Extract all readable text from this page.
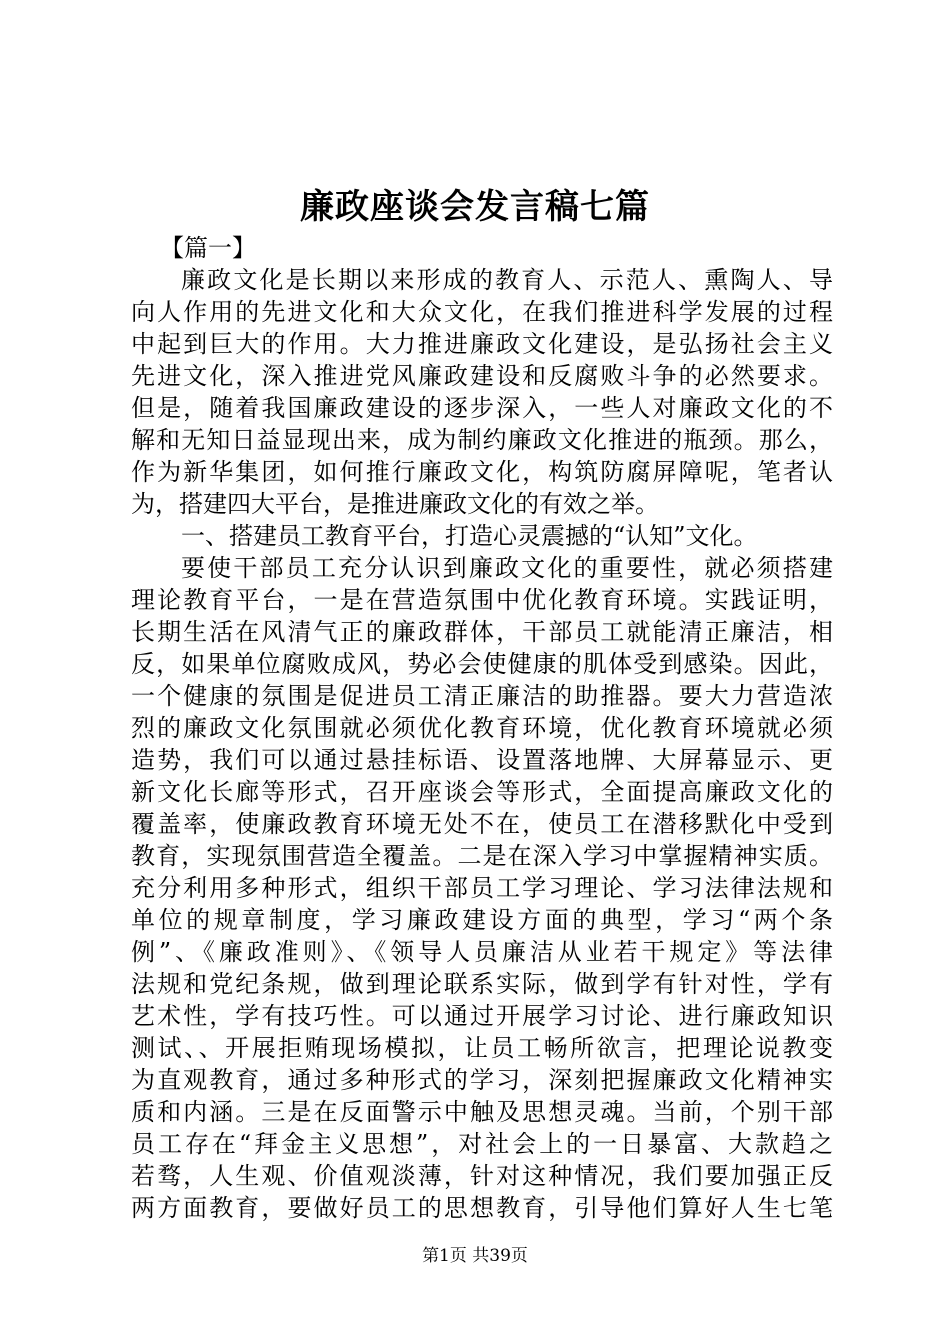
廉政座谈会发言稿七篇
【篇一】
廉政文化是长期以来形成的教育人、示范人、熏陶人、导
向人作用的先进文化和大众文化，在我们推进科学发展的过程
中起到巨大的作用。大力推进廉政文化建设，是弘扬社会主义
先进文化，深入推进党风廉政建设和反腐败斗争的必然要求。
但是，随着我国廉政建设的逐步深入，一些人对廉政文化的不
解和无知日益显现出来，成为制约廉政文化推进的瓶颈。那么，
作为新华集团，如何推行廉政文化，构筑防腐屏障呢，笔者认
为，搭建四大平台，是推进廉政文化的有效之举。
一、搭建员工教育平台，打造心灵震撼的“认知”文化。
要使干部员工充分认识到廉政文化的重要性，就必须搭建
理论教育平台，一是在营造氛围中优化教育环境。实践证明，
长期生活在风清气正的廉政群体，干部员工就能清正廉洁，相
反，如果单位腐败成风，势必会使健康的肌体受到感染。因此，
一个健康的氛围是促进员工清正廉洁的助推器。要大力营造浓
烈的廉政文化氛围就必须优化教育环境，优化教育环境就必须
造势，我们可以通过悬挂标语、设置落地牌、大屏幕显示、更
新文化长廊等形式，召开座谈会等形式，全面提高廉政文化的
覆盖率，使廉政教育环境无处不在，使员工在潜移默化中受到
教育，实现氛围营造全覆盖。二是在深入学习中掌握精神实质。
充分利用多种形式，组织干部员工学习理论、学习法律法规和
单位的规章制度，学习廉政建设方面的典型，学习“两个条
例”、《廉政准则》、《领导人员廉洁从业若干规定》等法律
法规和党纪条规，做到理论联系实际，做到学有针对性，学有
艺术性，学有技巧性。可以通过开展学习讨论、进行廉政知识
测试、、开展拒贿现场模拟，让员工畅所欲言，把理论说教变
为直观教育，通过多种形式的学习，深刻把握廉政文化精神实
质和内涵。三是在反面警示中触及思想灵魂。当前，个别干部
员工存在“拜金主义思想”，对社会上的一日暴富、大款趋之
若骛，人生观、价值观淡薄，针对这种情况，我们要加强正反
两方面教育，要做好员工的思想教育，引导他们算好人生七笔
第1页 共39页
